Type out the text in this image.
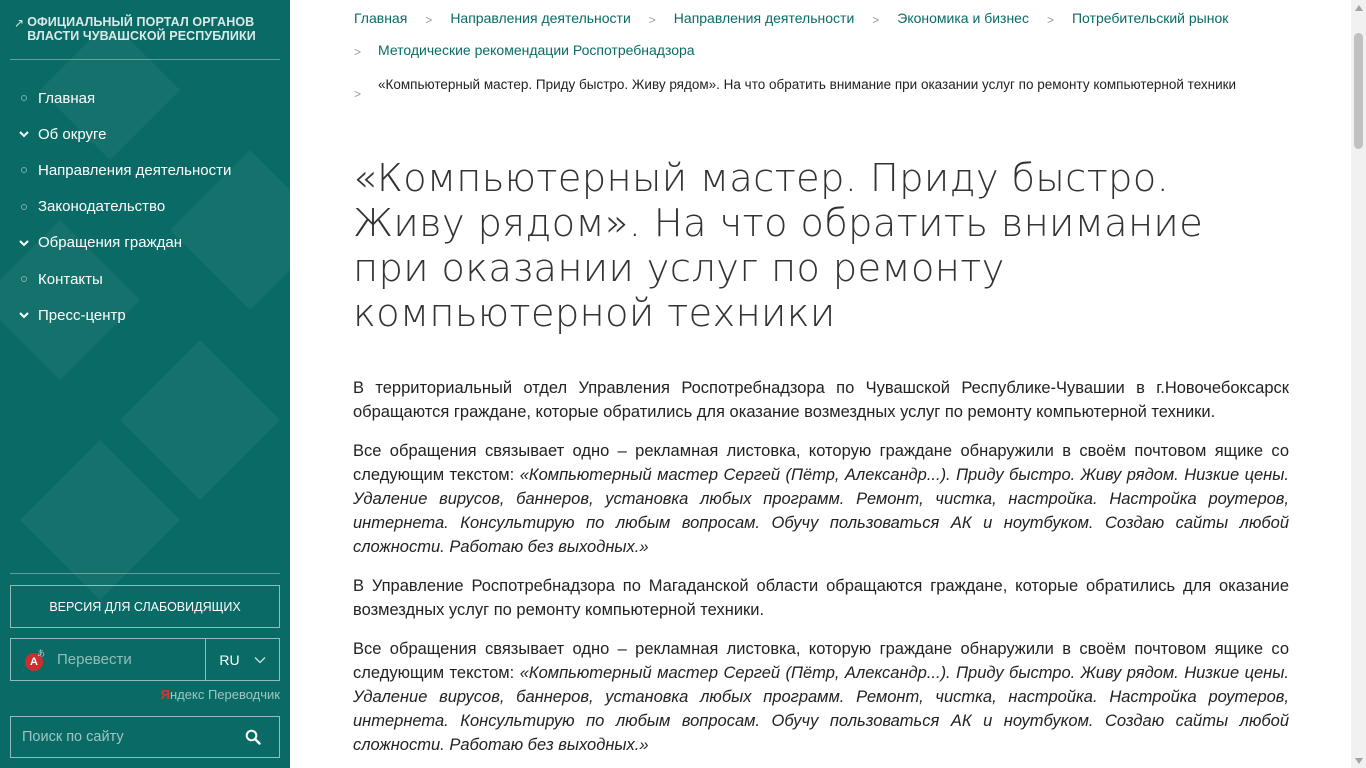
↗ ОФИЦИАЛЬНЫЙ ПОРТАЛ ОРГАНОВ ВЛАСТИ ЧУВАШСКОЙ РЕСПУБЛИКИ
Главная
Об округе
Направления деятельности
Законодательство
Обращения граждан
Контакты
Пресс-центр
ВЕРСИЯ ДЛЯ СЛАБОВИДЯЩИХ
A
あ Перевести	RU
Яндекс Переводчик
Поиск по сайту
Главная > Направления деятельности > Направления деятельности > Экономика и бизнес > Потребительский рынок
>	Методические рекомендации Роспотребнадзора
>
«Компьютерный мастер. Приду быстро. Живу рядом». На что обратить внимание при оказании услуг по ремонту компьютерной техники
«Компьютерный мастер. Приду быстро. Живу рядом». На что обратить внимание при оказании услуг по ремонту компьютерной техники

В территориальный отдел Управления Роспотребнадзора по Чувашской Республике-Чувашии в г.Новочебоксарск обращаются граждане, которые обратились для оказание возмездных услуг по ремонту компьютерной техники.

Все обращения связывает одно – рекламная листовка, которую граждане обнаружили в своём почтовом ящике со следующим текстом: «Компьютерный мастер Сергей (Пётр, Александр...). Приду быстро. Живу рядом. Низкие цены. Удаление вирусов, баннеров, установка любых программ. Ремонт, чистка, настройка. Настройка роутеров, интернета. Консультирую по любым вопросам. Обучу пользоваться АК и ноутбуком. Создаю сайты любой сложности. Работаю без выходных.»

В Управление Роспотребнадзора по Магаданской области обращаются граждане, которые обратились для оказание возмездных услуг по ремонту компьютерной техники.

Все обращения связывает одно – рекламная листовка, которую граждане обнаружили в своём почтовом ящике со следующим текстом: «Компьютерный мастер Сергей (Пётр, Александр...). Приду быстро. Живу рядом. Низкие цены. Удаление вирусов, баннеров, установка любых программ. Ремонт, чистка, настройка. Настройка роутеров, интернета. Консультирую по любым вопросам. Обучу пользоваться АК и ноутбуком. Создаю сайты любой сложности. Работаю без выходных.»
